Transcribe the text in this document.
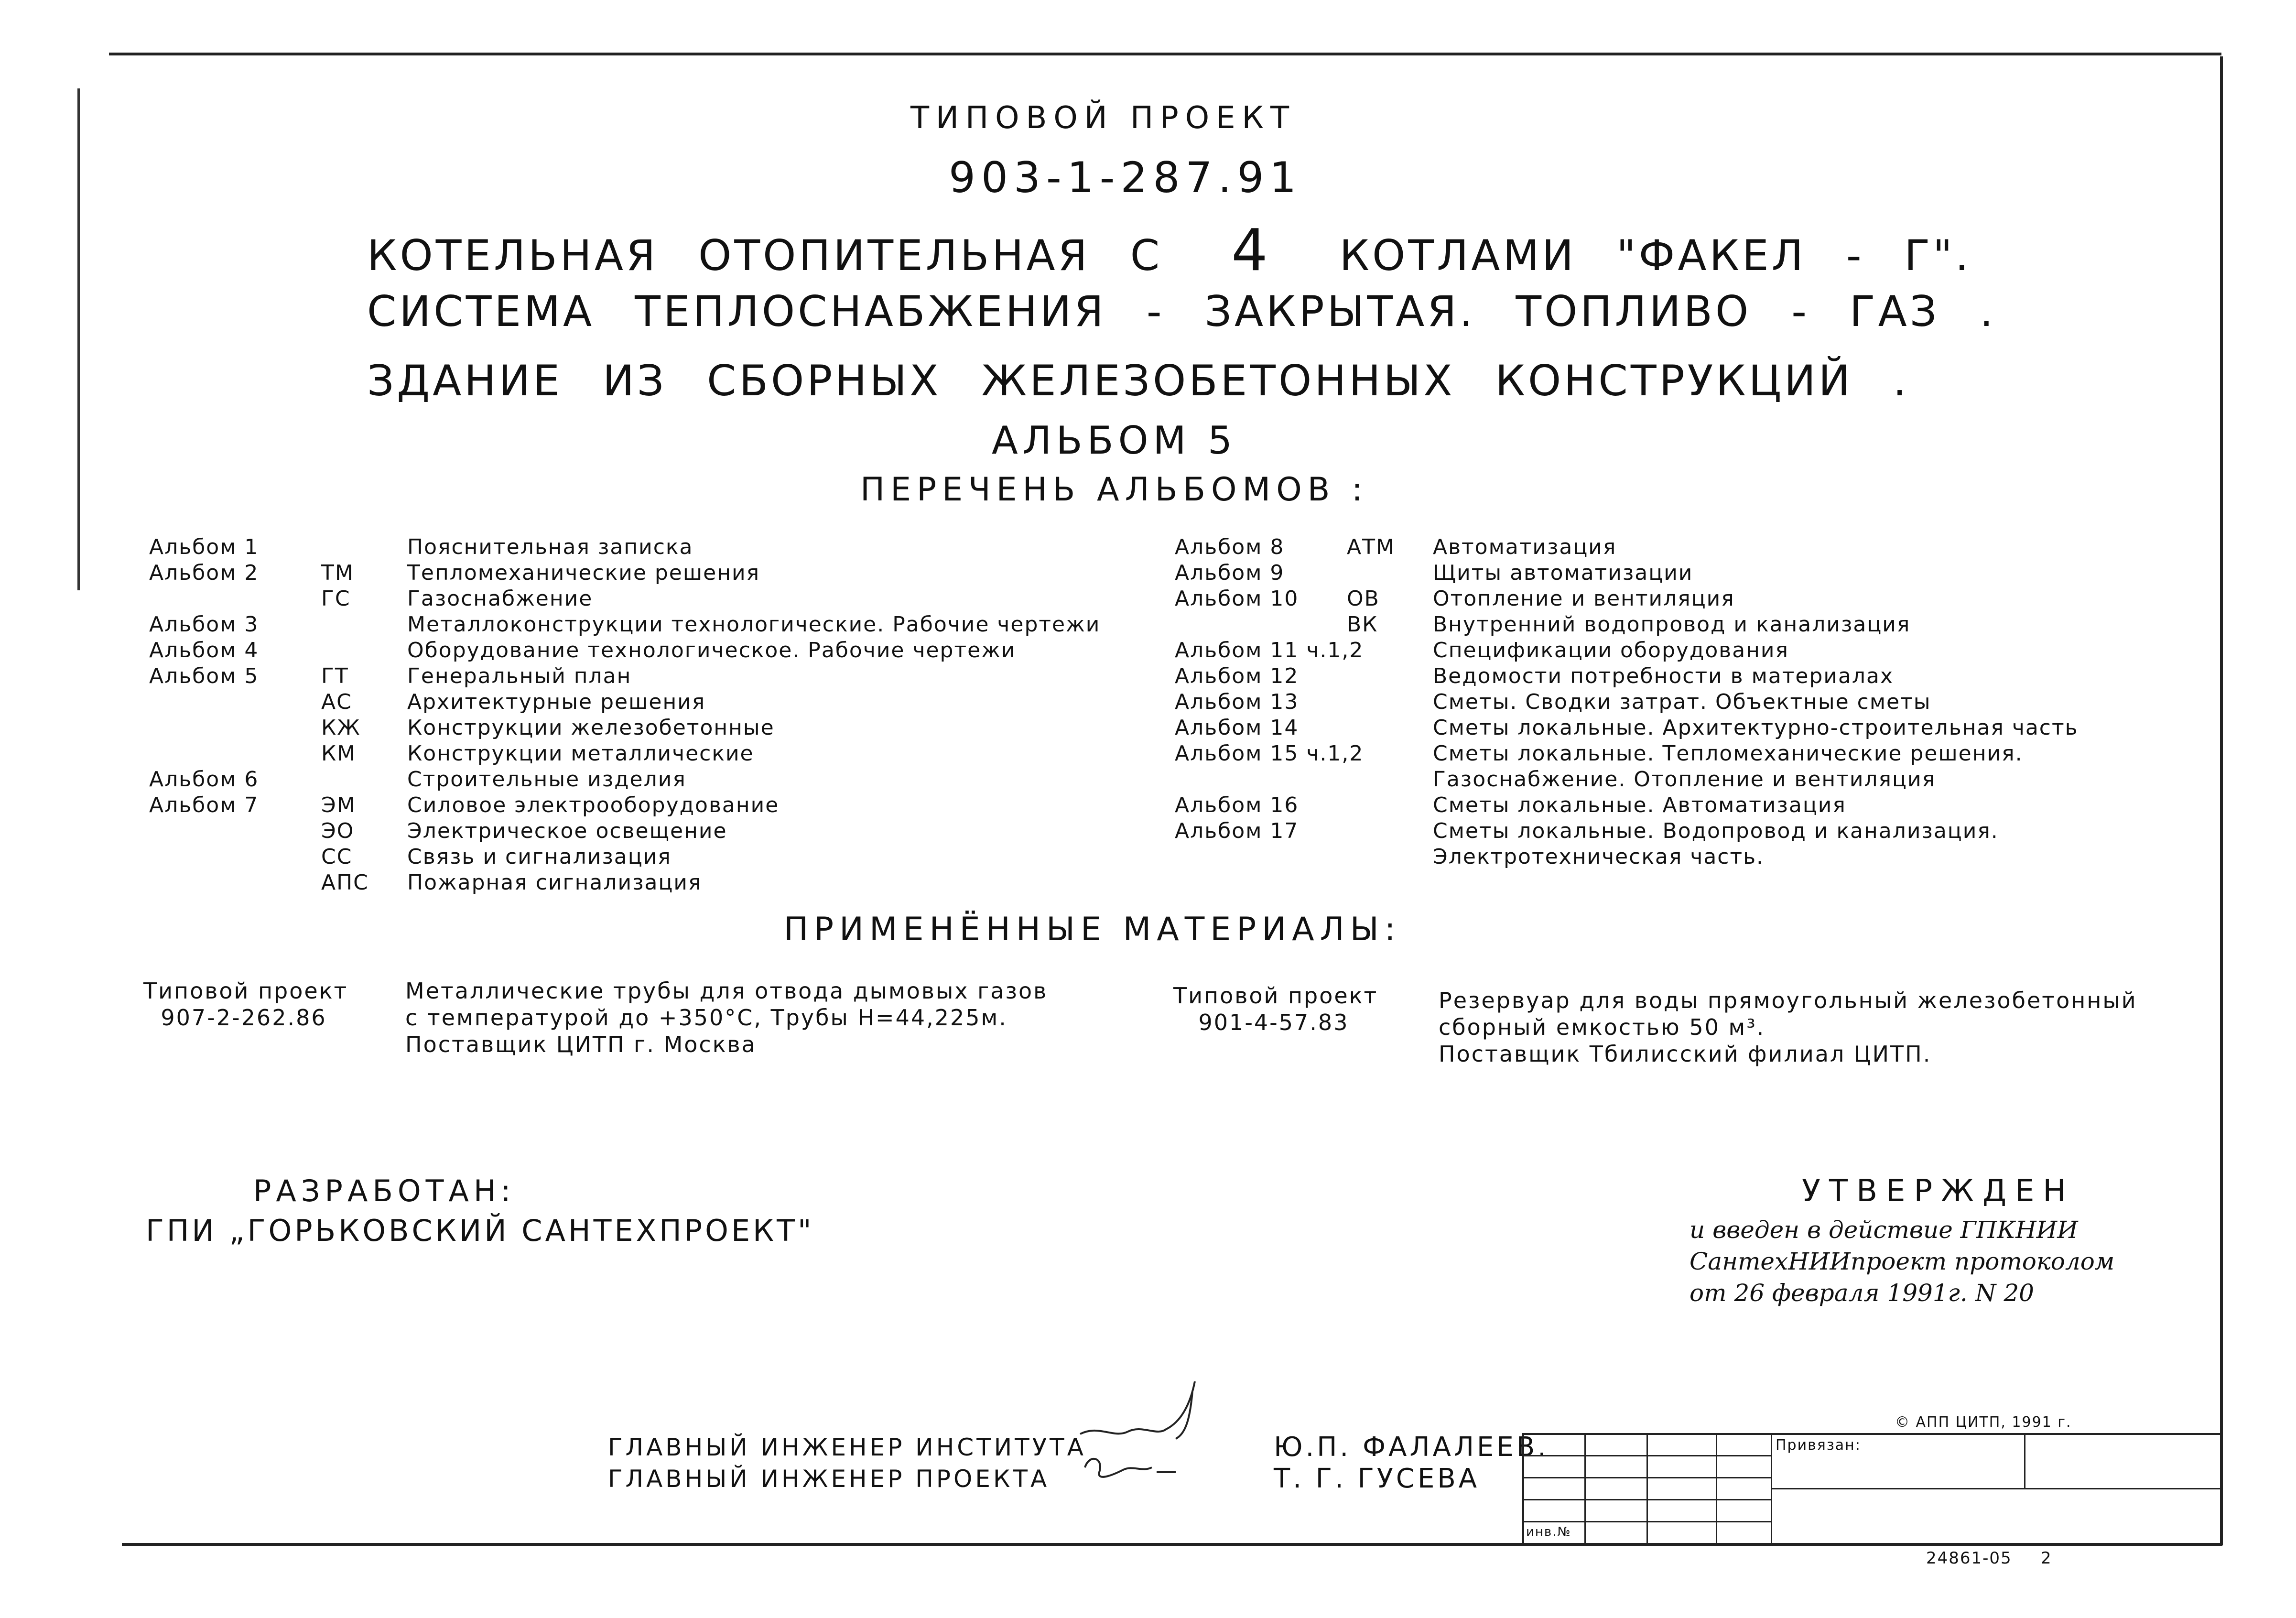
ТИПОВОЙ ПРОЕКТ
903-1-287.91
КОТЕЛЬНАЯ ОТОПИТЕЛЬНАЯ С 4 КОТЛАМИ "ФАКЕЛ - Г".
СИСТЕМА ТЕПЛОСНАБЖЕНИЯ - ЗАКРЫТАЯ. ТОПЛИВО - ГАЗ .
ЗДАНИЕ ИЗ СБОРНЫХ ЖЕЛЕЗОБЕТОННЫХ КОНСТРУКЦИЙ .
АЛЬБОМ 5
ПЕРЕЧЕНЬ АЛЬБОМОВ :
Альбом 1	Пояснительная записка
Альбом 2	ТМ	Тепломеханические решения
ГС	Газоснабжение
Альбом 3	Металлоконструкции технологические. Рабочие чертежи
Альбом 4	Оборудование технологическое. Рабочие чертежи
Альбом 5	ГТ	Генеральный план
АС	Архитектурные решения
КЖ Конструкции железобетонные
КМ Конструкции металлические
Альбом 6	Строительные изделия
Альбом 7	ЭМ Силовое электрооборудование
ЭО	Электрическое освещение
СС	Связь и сигнализация
АПС Пожарная сигнализация
Альбом 8	АТМ Автоматизация
Альбом 9	Щиты автоматизации
Альбом 10 ОВ	Отопление и вентиляция
ВК	Внутренний водопровод и канализация
Альбом 11 ч.1,2	Спецификации оборудования
Альбом 12	Ведомости потребности в материалах
Альбом 13	Сметы. Сводки затрат. Объектные сметы
Альбом 14	Сметы локальные. Архитектурно-строительная часть
Альбом 15 ч.1,2	Сметы локальные. Тепломеханические решения.
Газоснабжение. Отопление и вентиляция
Альбом 16	Сметы локальные. Автоматизация
Альбом 17	Сметы локальные. Водопровод и канализация.
Электротехническая часть.
ПРИМЕНЁННЫЕ МАТЕРИАЛЫ:
Типовой проект
907-2-262.86
Металлические трубы для отвода дымовых газов
с температурой до +350°С, Трубы Н=44,225м.
Поставщик ЦИТП г. Москва
Типовой проект
901-4-57.83
Резервуар для воды прямоугольный железобетонный
сборный емкостью 50 м³.
Поставщик Тбилисский филиал ЦИТП.
РАЗРАБОТАН:
ГПИ „ГОРЬКОВСКИЙ САНТЕХПРОЕКТ"
УТВЕРЖДЕН
и введен в действие ГПКНИИ
СантехНИИпроект протоколом
от 26 февраля 1991г. N 20
ГЛАВНЫЙ ИНЖЕНЕР ИНСТИТУТА
ГЛАВНЫЙ ИНЖЕНЕР ПРОЕКТА
Ю.П. ФАЛАЛЕЕВ.
Т. Г. ГУСЕВА
© АПП ЦИТП, 1991 г.
Привязан:
инв.№
24861-05 2
